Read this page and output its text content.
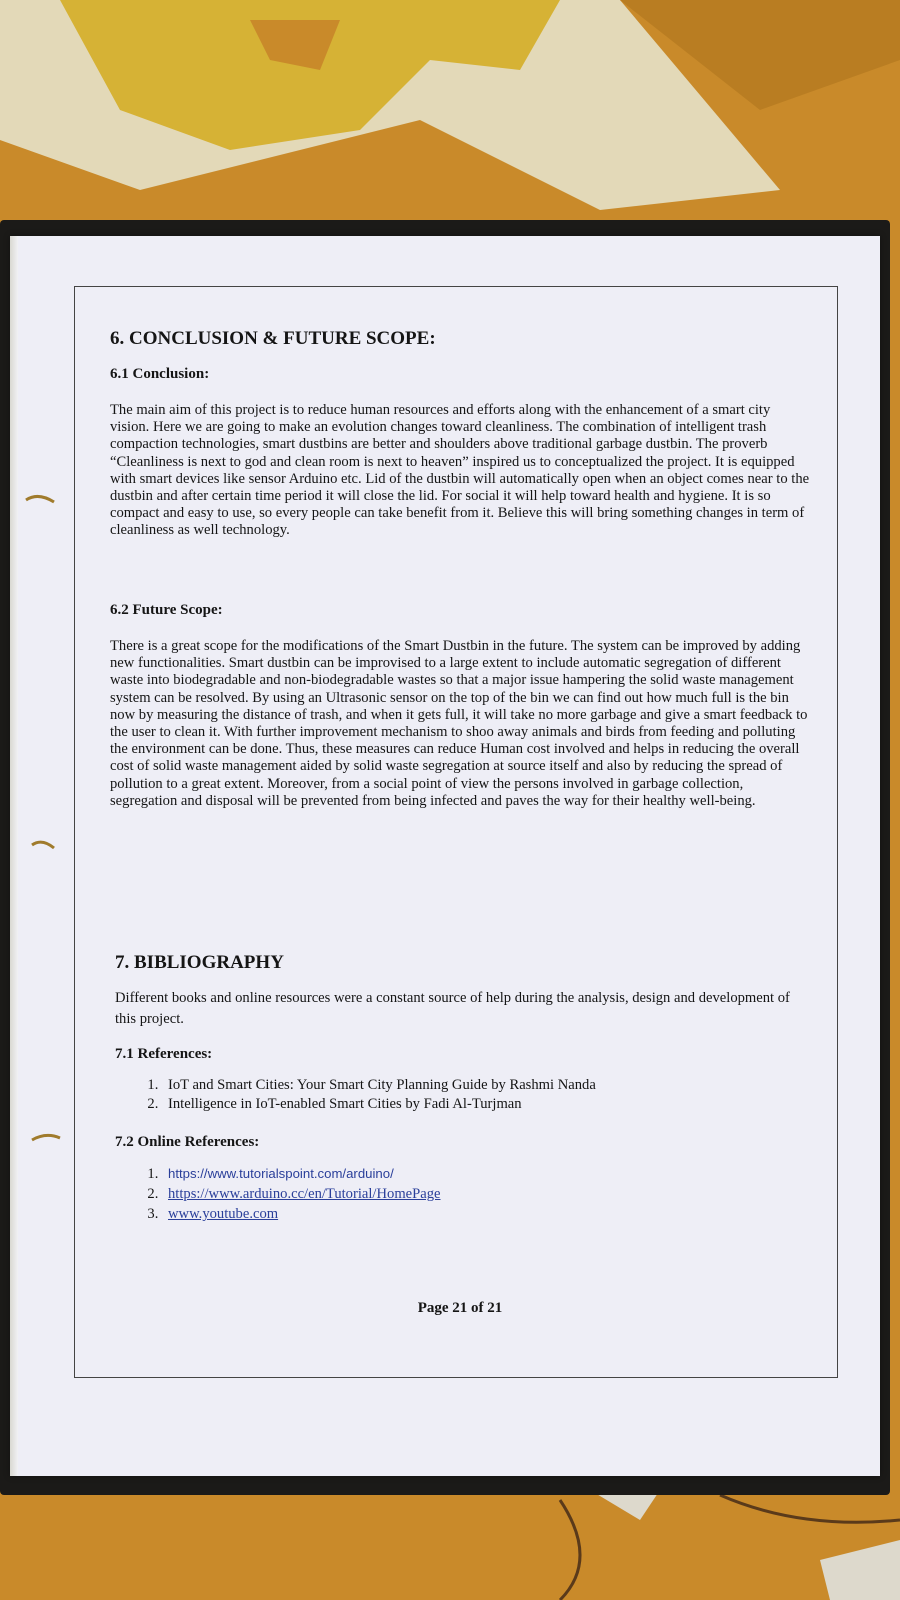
6. CONCLUSION & FUTURE SCOPE:
6.1 Conclusion:

The main aim of this project is to reduce human resources and efforts along with the enhancement of a smart city vision. Here we are going to make an evolution changes toward cleanliness. The combination of intelligent trash compaction technologies, smart dustbins are better and shoulders above traditional garbage dustbin. The proverb “Cleanliness is next to god and clean room is next to heaven” inspired us to conceptualized the project. It is equipped with smart devices like sensor Arduino etc. Lid of the dustbin will automatically open when an object comes near to the dustbin and after certain time period it will close the lid. For social it will help toward health and hygiene. It is so compact and easy to use, so every people can take benefit from it. Believe this will bring something changes in term of cleanliness as well technology.

6.2 Future Scope:

There is a great scope for the modifications of the Smart Dustbin in the future. The system can be improved by adding new functionalities. Smart dustbin can be improvised to a large extent to include automatic segregation of different waste into biodegradable and non-biodegradable wastes so that a major issue hampering the solid waste management system can be resolved. By using an Ultrasonic sensor on the top of the bin we can find out how much full is the bin now by measuring the distance of trash, and when it gets full, it will take no more garbage and give a smart feedback to the user to clean it. With further improvement mechanism to shoo away animals and birds from feeding and polluting the environment can be done. Thus, these measures can reduce Human cost involved and helps in reducing the overall cost of solid waste management aided by solid waste segregation at source itself and also by reducing the spread of pollution to a great extent. Moreover, from a social point of view the persons involved in garbage collection, segregation and disposal will be prevented from being infected and paves the way for their healthy well-being.

7. BIBLIOGRAPHY

Different books and online resources were a constant source of help during the analysis, design and development of this project.

7.1 References:
1. IoT and Smart Cities: Your Smart City Planning Guide by Rashmi Nanda
2. Intelligence in IoT-enabled Smart Cities by Fadi Al-Turjman
7.2 Online References:
1. https://www.tutorialspoint.com/arduino/
2. https://www.arduino.cc/en/Tutorial/HomePage
3. www.youtube.com
Page 21 of 21
